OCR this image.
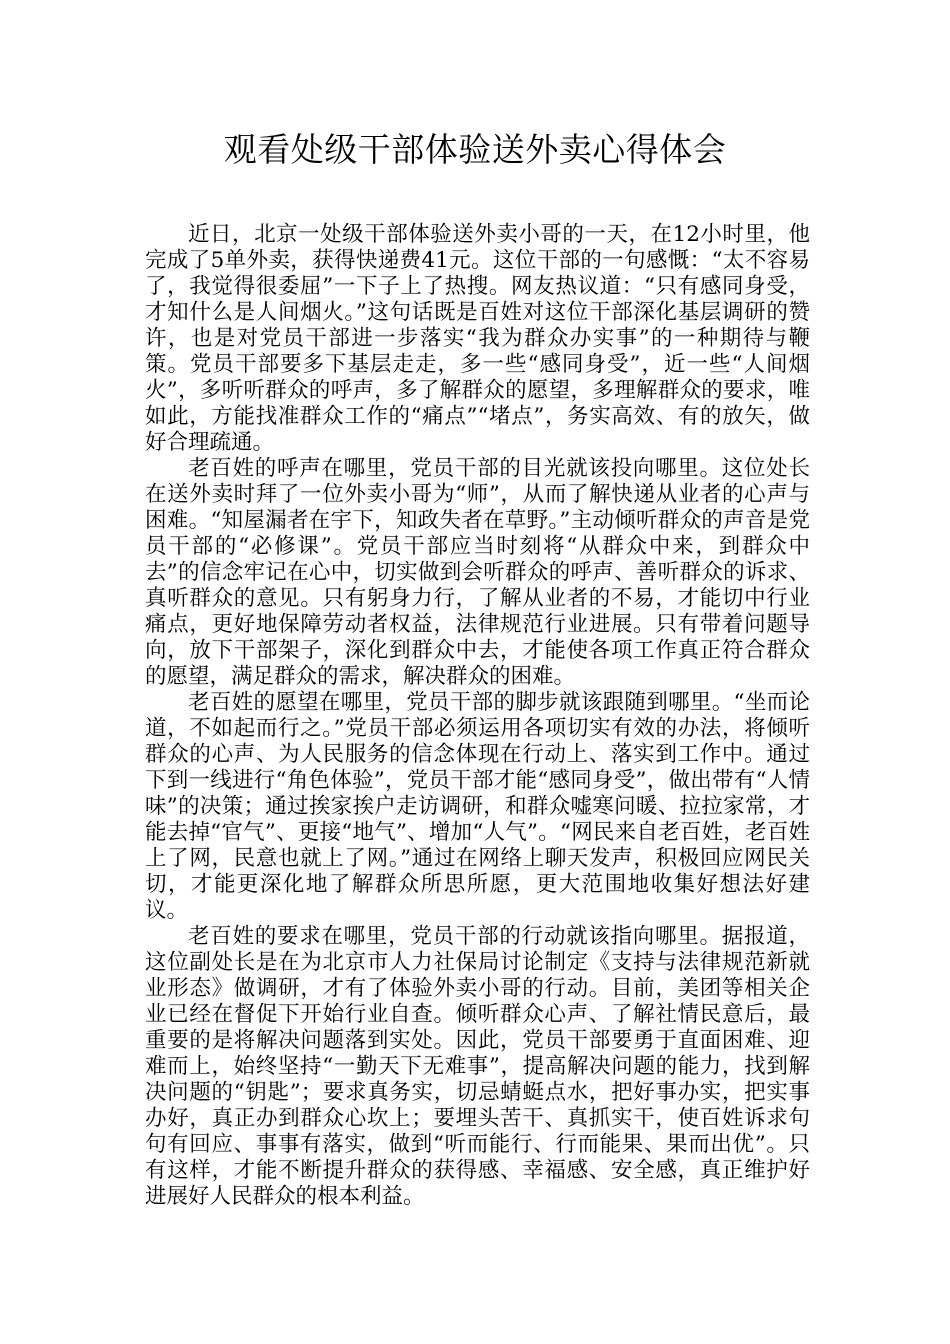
观看处级干部体验送外卖心得体会

近日，北京一处级干部体验送外卖小哥的一天，在12小时里，他完成了5单外卖，获得快递费41元。这位干部的一句感慨：“太不容易了，我觉得很委屈”一下子上了热搜。网友热议道：“只有感同身受，才知什么是人间烟火。”这句话既是百姓对这位干部深化基层调研的赞许，也是对党员干部进一步落实“我为群众办实事”的一种期待与鞭策。党员干部要多下基层走走，多一些“感同身受”，近一些“人间烟火”，多听听群众的呼声，多了解群众的愿望，多理解群众的要求，唯如此，方能找准群众工作的“痛点”“堵点”，务实高效、有的放矢，做好合理疏通。

老百姓的呼声在哪里，党员干部的目光就该投向哪里。这位处长在送外卖时拜了一位外卖小哥为“师”，从而了解快递从业者的心声与困难。“知屋漏者在宇下，知政失者在草野。”主动倾听群众的声音是党员干部的“必修课”。党员干部应当时刻将“从群众中来，到群众中去”的信念牢记在心中，切实做到会听群众的呼声、善听群众的诉求、真听群众的意见。只有躬身力行，了解从业者的不易，才能切中行业痛点，更好地保障劳动者权益，法律规范行业进展。只有带着问题导向，放下干部架子，深化到群众中去，才能使各项工作真正符合群众的愿望，满足群众的需求，解决群众的困难。

老百姓的愿望在哪里，党员干部的脚步就该跟随到哪里。“坐而论道，不如起而行之。”党员干部必须运用各项切实有效的办法，将倾听群众的心声、为人民服务的信念体现在行动上、落实到工作中。通过下到一线进行“角色体验”，党员干部才能“感同身受”，做出带有“人情味”的决策；通过挨家挨户走访调研，和群众嘘寒问暖、拉拉家常，才能去掉“官气”、更接“地气”、增加“人气”。“网民来自老百姓，老百姓上了网，民意也就上了网。”通过在网络上聊天发声，积极回应网民关切，才能更深化地了解群众所思所愿，更大范围地收集好想法好建议。

老百姓的要求在哪里，党员干部的行动就该指向哪里。据报道，这位副处长是在为北京市人力社保局讨论制定《支持与法律规范新就业形态》做调研，才有了体验外卖小哥的行动。目前，美团等相关企业已经在督促下开始行业自查。倾听群众心声、了解社情民意后，最重要的是将解决问题落到实处。因此，党员干部要勇于直面困难、迎难而上，始终坚持“一勤天下无难事”，提高解决问题的能力，找到解决问题的“钥匙”；要求真务实，切忌蜻蜓点水，把好事办实，把实事办好，真正办到群众心坎上；要埋头苦干、真抓实干，使百姓诉求句句有回应、事事有落实，做到“听而能行、行而能果、果而出优”。只有这样，才能不断提升群众的获得感、幸福感、安全感，真正维护好进展好人民群众的根本利益。
